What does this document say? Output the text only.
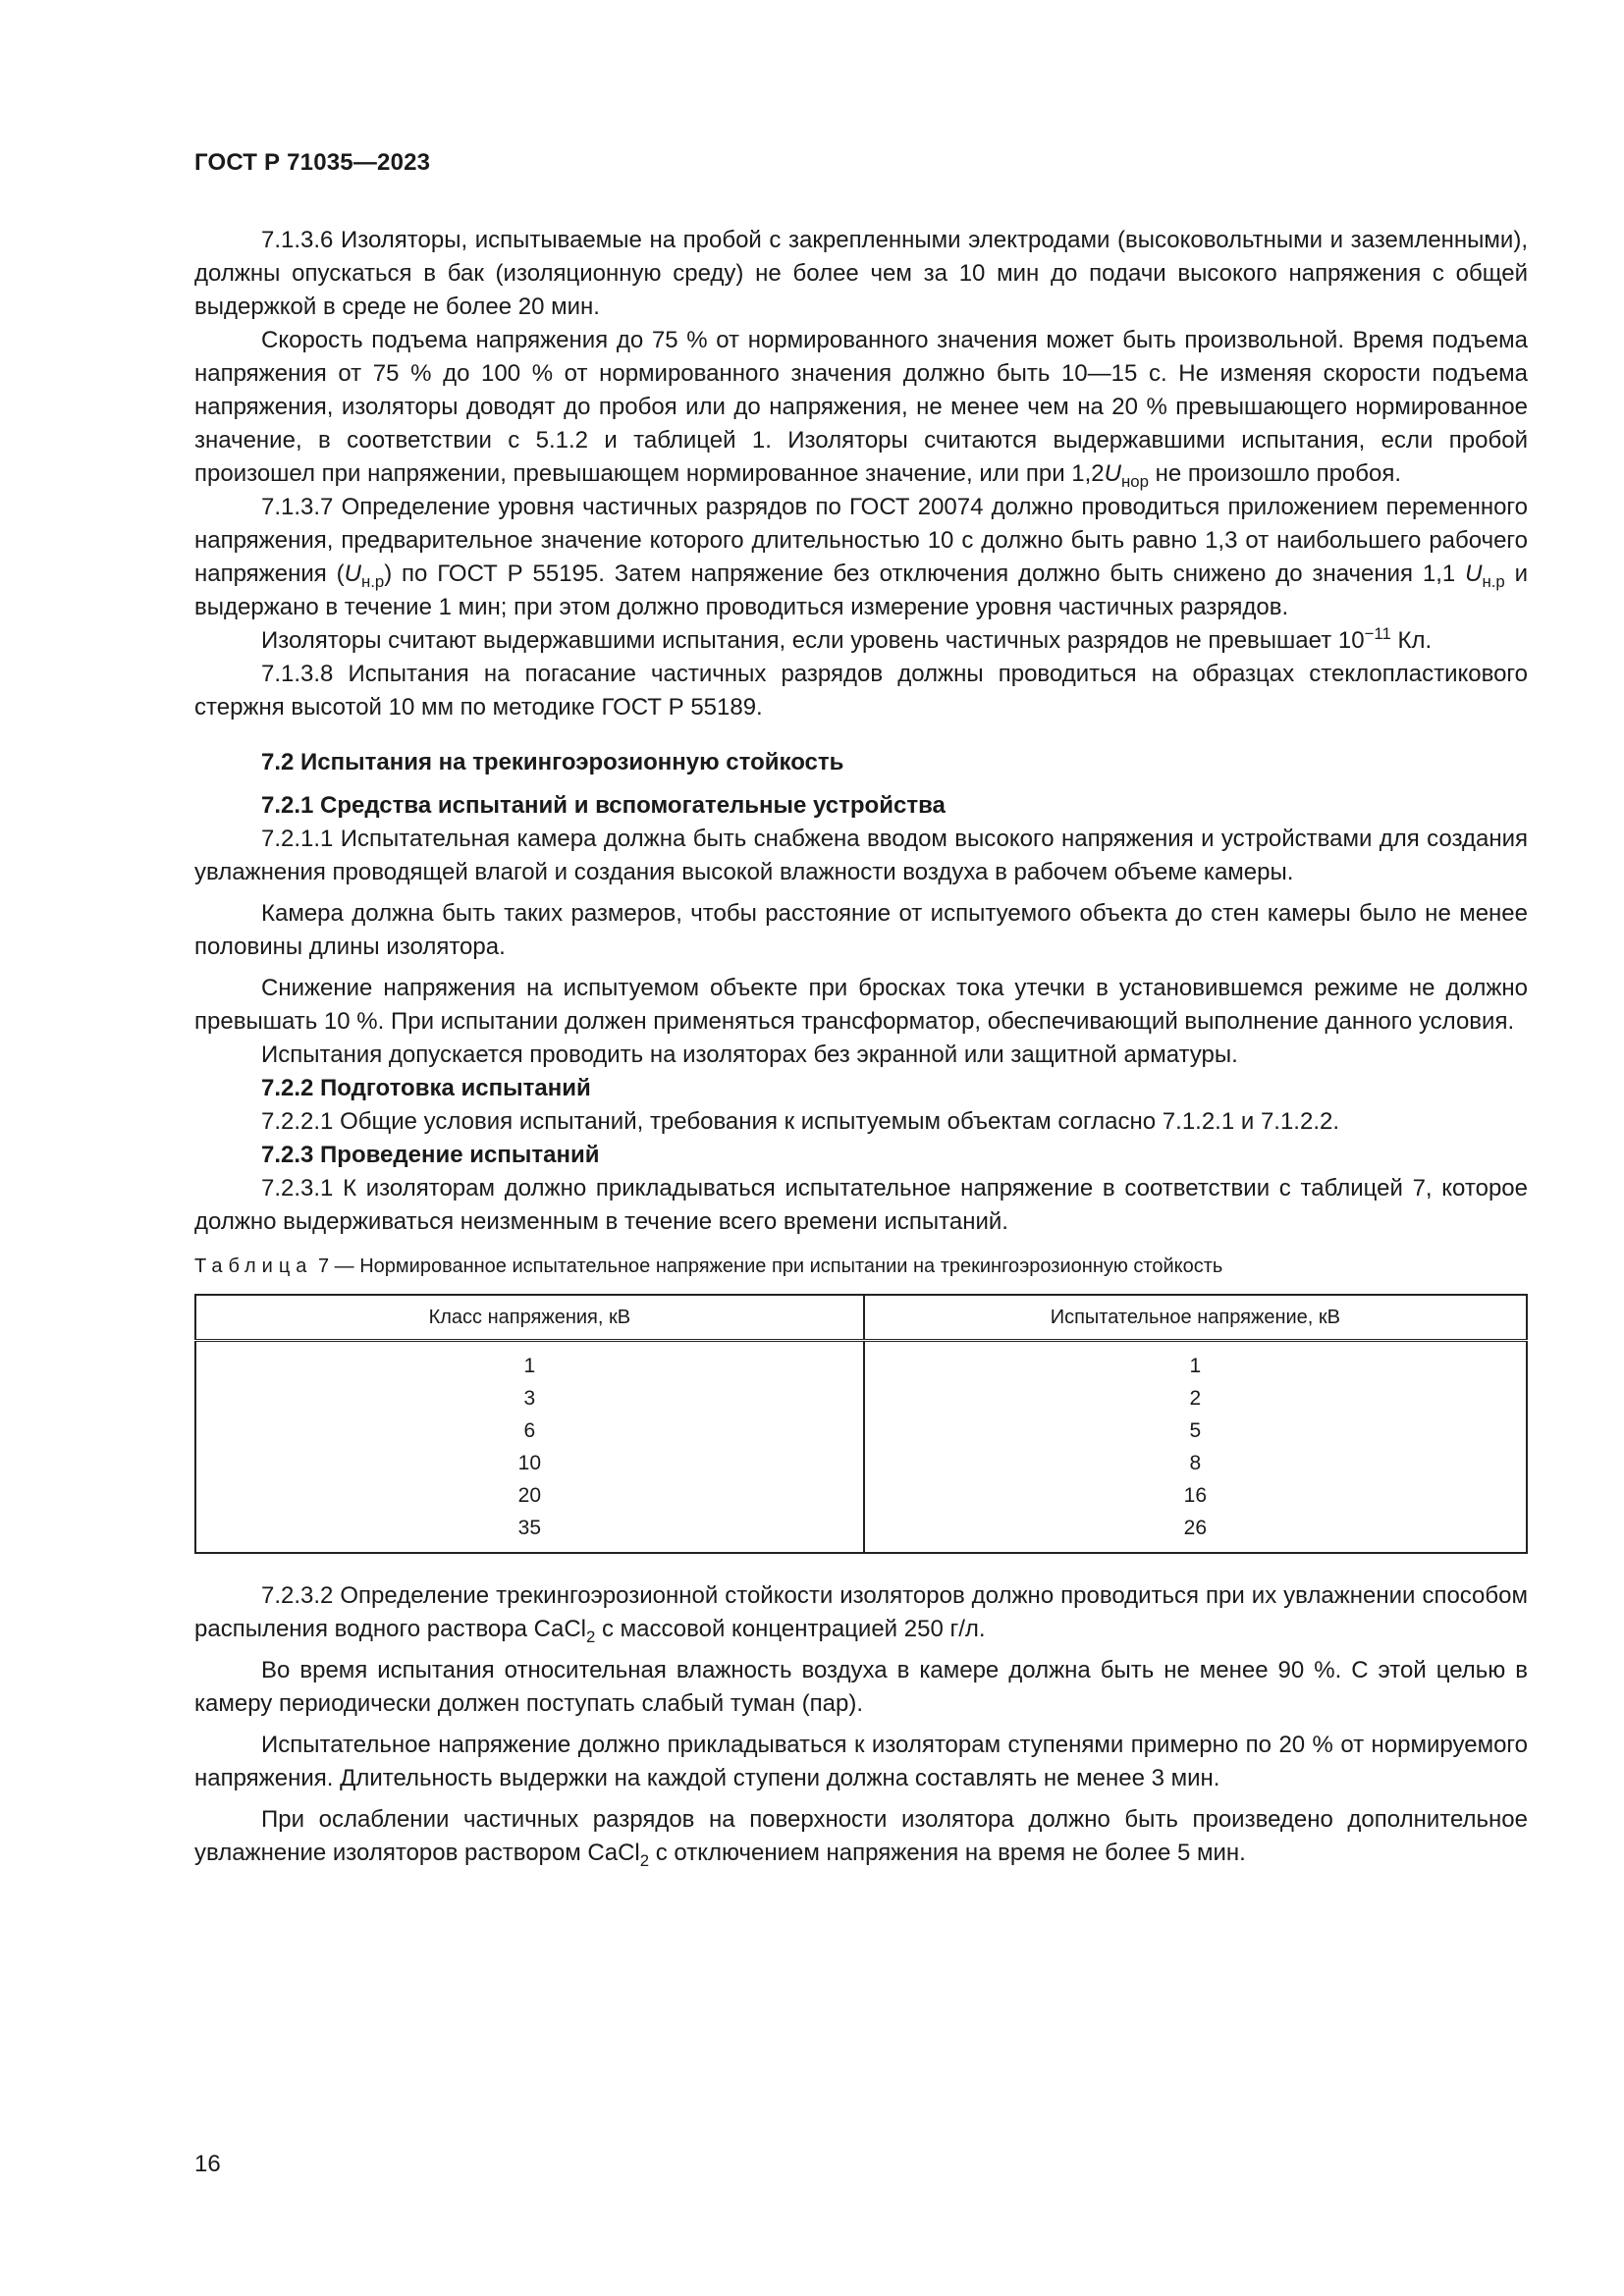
ГОСТ Р 71035—2023

7.1.3.6 Изоляторы, испытываемые на пробой с закрепленными электродами (высоковольтными и заземленными), должны опускаться в бак (изоляционную среду) не более чем за 10 мин до подачи высокого напряжения с общей выдержкой в среде не более 20 мин.

Скорость подъема напряжения до 75 % от нормированного значения может быть произвольной. Время подъема напряжения от 75 % до 100 % от нормированного значения должно быть 10—15 с. Не изменяя скорости подъема напряжения, изоляторы доводят до пробоя или до напряжения, не менее чем на 20 % превышающего нормированное значение, в соответствии с 5.1.2 и таблицей 1. Изоляторы считаются выдержавшими испытания, если пробой произошел при напряжении, превышающем нормированное значение, или при $1,2U_{нор}$ не произошло пробоя.

7.1.3.7 Определение уровня частичных разрядов по ГОСТ 20074 должно проводиться приложением переменного напряжения, предварительное значение которого длительностью 10 с должно быть равно 1,3 от наибольшего рабочего напряжения $(U_{н.р})$ по ГОСТ Р 55195. Затем напряжение без отключения должно быть снижено до значения 1,1 $U_{н.р}$ и выдержано в течение 1 мин; при этом должно проводиться измерение уровня частичных разрядов.

Изоляторы считают выдержавшими испытания, если уровень частичных разрядов не превышает $10^{-11}$ Кл.

7.1.3.8 Испытания на погасание частичных разрядов должны проводиться на образцах стеклопластикового стержня высотой 10 мм по методике ГОСТ Р 55189.

7.2 Испытания на трекингоэрозионную стойкость
7.2.1 Средства испытаний и вспомогательные устройства

7.2.1.1 Испытательная камера должна быть снабжена вводом высокого напряжения и устройствами для создания увлажнения проводящей влагой и создания высокой влажности воздуха в рабочем объеме камеры.

Камера должна быть таких размеров, чтобы расстояние от испытуемого объекта до стен камеры было не менее половины длины изолятора.

Снижение напряжения на испытуемом объекте при бросках тока утечки в установившемся режиме не должно превышать 10 %. При испытании должен применяться трансформатор, обеспечивающий выполнение данного условия.

Испытания допускается проводить на изоляторах без экранной или защитной арматуры.

7.2.2 Подготовка испытаний

7.2.2.1 Общие условия испытаний, требования к испытуемым объектам согласно 7.1.2.1 и 7.1.2.2.

7.2.3 Проведение испытаний

7.2.3.1 К изоляторам должно прикладываться испытательное напряжение в соответствии с таблицей 7, которое должно выдерживаться неизменным в течение всего времени испытаний.

Таблица 7 — Нормированное испытательное напряжение при испытании на трекингоэрозионную стойкость
Класс напряжения, кВ	Испытательное напряжение, кВ
1	1
3	2
6	5
10	8
20	16
35	26

7.2.3.2 Определение трекингоэрозионной стойкости изоляторов должно проводиться при их увлажнении способом распыления водного раствора CaCl$_2$ с массовой концентрацией 250 г/л.

Во время испытания относительная влажность воздуха в камере должна быть не менее 90 %. С этой целью в камеру периодически должен поступать слабый туман (пар).

Испытательное напряжение должно прикладываться к изоляторам ступенями примерно по 20 % от нормируемого напряжения. Длительность выдержки на каждой ступени должна составлять не менее 3 мин.

При ослаблении частичных разрядов на поверхности изолятора должно быть произведено дополнительное увлажнение изоляторов раствором CaCl$_2$ с отключением напряжения на время не более 5 мин.

16
